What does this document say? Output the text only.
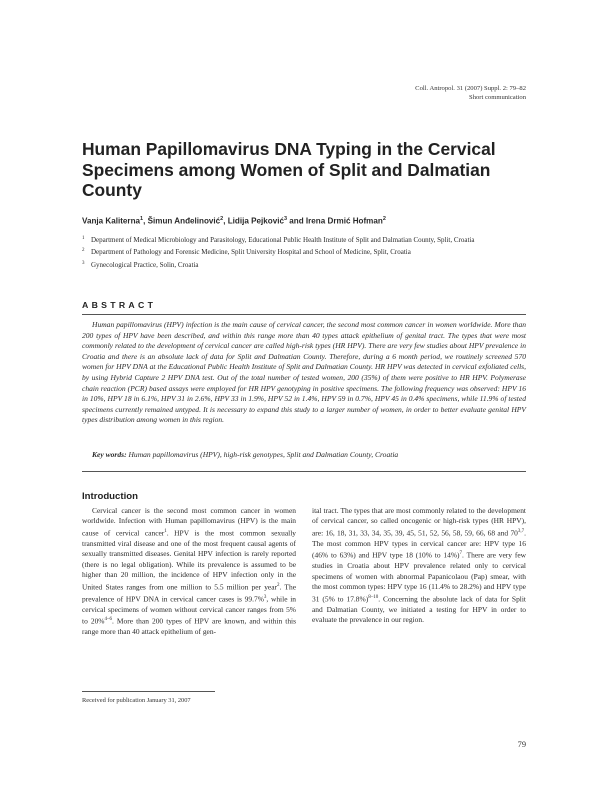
Coll. Antropol. 31 (2007) Suppl. 2: 79–82
Short communication
Human Papillomavirus DNA Typing in the Cervical Specimens among Women of Split and Dalmatian County
Vanja Kaliterna$^1$, Šimun Anđelinović$^2$, Lidija Pejković$^3$ and Irena Drmić Hofman$^2$
1 Department of Medical Microbiology and Parasitology, Educational Public Health Institute of Split and Dalmatian County, Split, Croatia
2 Department of Pathology and Forensic Medicine, Split University Hospital and School of Medicine, Split, Croatia
3 Gynecological Practice, Solin, Croatia
ABSTRACT
Human papillomavirus (HPV) infection is the main cause of cervical cancer, the second most common cancer in women worldwide. More than 200 types of HPV have been described, and within this range more than 40 types attack epithelium of genital tract. The types that were most commonly related to the development of cervical cancer are called high-risk types (HR HPV). There are very few studies about HPV prevalence in Croatia and there is an absolute lack of data for Split and Dalmatian County. Therefore, during a 6 month period, we routinely screened 570 women for HPV DNA at the Educational Public Health Institute of Split and Dalmatian County. HR HPV was detected in cervical exfoliated cells, by using Hybrid Capture 2 HPV DNA test. Out of the total number of tested women, 200 (35%) of them were positive to HR HPV. Polymerase chain reaction (PCR) based assays were employed for HR HPV genotyping in positive specimens. The following frequency was observed: HPV 16 in 10%, HPV 18 in 6.1%, HPV 31 in 2.6%, HPV 33 in 1.9%, HPV 52 in 1.4%, HPV 59 in 0.7%, HPV 45 in 0.4% specimens, while 11.9% of tested specimens currently remained untyped. It is necessary to expand this study to a larger number of women, in order to better evaluate genital HPV types distribution among women in this region.
Key words: Human papillomavirus (HPV), high-risk genotypes, Split and Dalmatian County, Croatia
Introduction

Cervical cancer is the second most common cancer in women worldwide. Infection with Human papillomavirus (HPV) is the main cause of cervical cancer$^1$. HPV is the most common sexually transmitted viral disease and one of the most frequent causal agents of sexually transmitted diseases. Genital HPV infection is rarely reported (there is no legal obligation). While its prevalence is assumed to be higher than 20 million, the incidence of HPV infection only in the United States ranges from one million to 5.5 million per year$^2$. The prevalence of HPV DNA in cervical cancer cases is 99.7%$^3$, while in cervical specimens of women without cervical cancer ranges from 5% to 20%$^{4-6}$. More than 200 types of HPV are known, and within this range more than 40 attack epithelium of gen-

ital tract. The types that are most commonly related to the development of cervical cancer, so called oncogenic or high-risk types (HR HPV), are: 16, 18, 31, 33, 34, 35, 39, 45, 51, 52, 56, 58, 59, 66, 68 and 70$^{3,7}$. The most common HPV types in cervical cancer are: HPV type 16 (46% to 63%) and HPV type 18 (10% to 14%)$^7$. There are very few studies in Croatia about HPV prevalence related only to cervical specimens of women with abnormal Papanicolaou (Pap) smear, with the most common types: HPV type 16 (11.4% to 28.2%) and HPV type 31 (5% to 17.8%)$^{8-10}$. Concerning the absolute lack of data for Split and Dalmatian County, we initiated a testing for HPV in order to evaluate the prevalence in our region.

Received for publication January 31, 2007
79
